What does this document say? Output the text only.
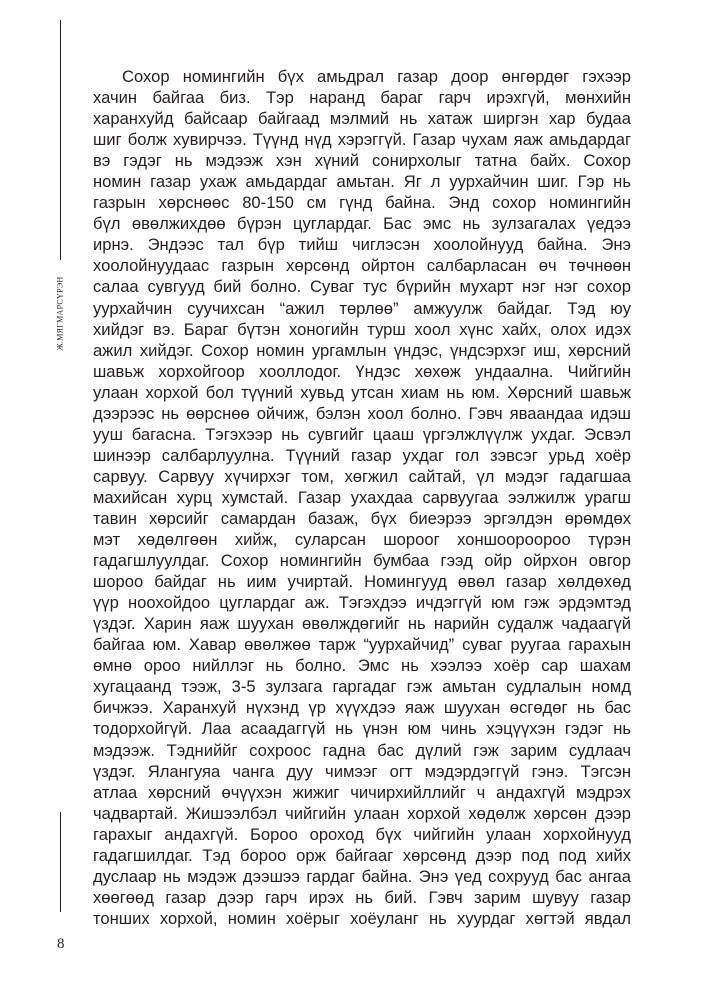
Ж.МЯГМАРСҮРЭН
Сохор номингийн бүх амьдрал газар доор өнгөрдөг гэхээр
хачин байгаа биз. Тэр наранд бараг гарч ирэхгүй, мөнхийн
харанхуйд байсаар байгаад мэлмий нь хатаж ширгэн хар будаа
шиг болж хувирчээ. Түүнд нүд хэрэггүй. Газар чухам яаж амьдардаг
вэ гэдэг нь мэдээж хэн хүний сонирхолыг татна байх. Сохор
номин газар ухаж амьдардаг амьтан. Яг л уурхайчин шиг. Гэр нь
газрын хөрснөөс 80-150 см гүнд байна. Энд сохор номингийн
бүл өвөлжихдөө бүрэн цуглардаг. Бас эмс нь зулзагалах үедээ
ирнэ. Эндээс тал бүр тийш чиглэсэн хоолойнууд байна. Энэ
хоолойнуудаас газрын хөрсөнд ойртон салбарласан өч төчнөөн
салаа сувгууд бий болно. Суваг тус бүрийн мухарт нэг нэг сохор
уурхайчин суучихсан “ажил төрлөө” амжуулж байдаг. Тэд юу
хийдэг вэ. Бараг бүтэн хоногийн турш хоол хүнс хайх, олох идэх
ажил хийдэг. Сохор номин ургамлын үндэс, үндсэрхэг иш, хөрсний
шавьж хорхойгоор хооллодог. Үндэс хөхөж ундаална. Чийгийн
улаан хорхой бол түүний хувьд утсан хиам нь юм. Хөрсний шавьж
дээрээс нь өөрснөө ойчиж, бэлэн хоол болно. Гэвч яваандаа идэш
ууш багасна. Тэгэхээр нь сувгийг цааш үргэлжлүүлж ухдаг. Эсвэл
шинээр салбарлуулна. Түүний газар ухдаг гол зэвсэг урьд хоёр
сарвуу. Сарвуу хүчирхэг том, хөгжил сайтай, үл мэдэг гадагшаа
махийсан хурц хумстай. Газар ухахдаа сарвуугаа ээлжилж урагш
тавин хөрсийг самардан базаж, бүх биеэрээ эргэлдэн өрөмдөх
мэт хөдөлгөөн хийж, суларсан шороог хоншоороороо түрэн
гадагшлуулдаг. Сохор номингийн бумбаа гээд ойр ойрхон овгор
шороо байдаг нь иим учиртай. Номингууд өвөл газар хөлдөхөд
үүр ноохойдоо цуглардаг аж. Тэгэхдээ ичдэггүй юм гэж эрдэмтэд
үздэг. Харин яаж шуухан өвөлждөгийг нь нарийн судалж чадаагүй
байгаа юм. Хавар өвөлжөө тарж “уурхайчид” суваг руугаа гарахын
өмнө ороо нийллэг нь болно. Эмс нь хээлээ хоёр сар шахам
хугацаанд тээж, 3-5 зулзага гаргадаг гэж амьтан судлалын номд
бичжээ. Харанхуй нүхэнд үр хүүхдээ яаж шуухан өсгөдөг нь бас
тодорхойгүй. Лаа асаадаггүй нь үнэн юм чинь хэцүүхэн гэдэг нь
мэдээж. Тэдниййг сохроос гадна бас дүлий гэж зарим судлаач
үздэг. Ялангуяа чанга дуу чимээг огт мэдэрдэггүй гэнэ. Тэгсэн
атлаа хөрсний өчүүхэн жижиг чичирхийллийг ч андахгүй мэдрэх
чадвартай. Жишээлбэл чийгийн улаан хорхой хөдөлж хөрсөн дээр
гарахыг андахгүй. Бороо ороход бүх чийгийн улаан хорхойнууд
гадагшилдаг. Тэд бороо орж байгааг хөрсөнд дээр под под хийх
дуслаар нь мэдэж дээшээ гардаг байна. Энэ үед сохрууд бас ангаа
хөөгөөд газар дээр гарч ирэх нь бий. Гэвч зарим шувуу газар
тонших хорхой, номин хоёрыг хоёуланг нь хуурдаг хөгтэй явдал
8
